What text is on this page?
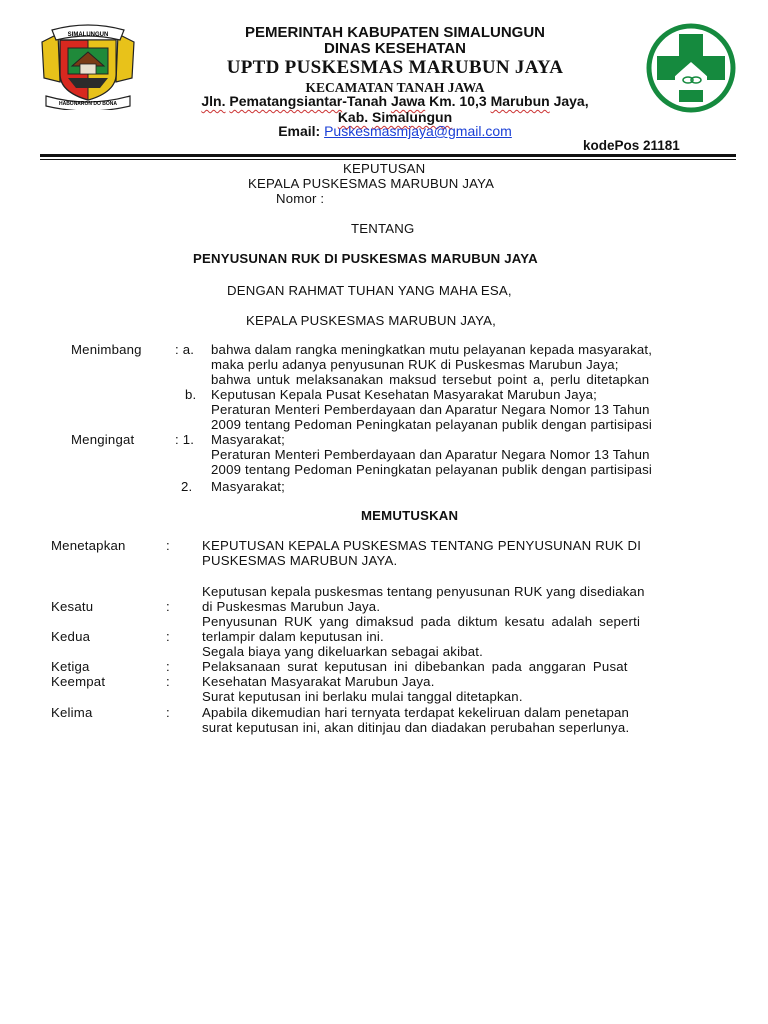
SIMALUNGUN
HABONARON DO BONA
PEMERINTAH KABUPATEN SIMALUNGUN
DINAS KESEHATAN
UPTD PUSKESMAS MARUBUN JAYA
KECAMATAN TANAH JAWA
Jln. Pematangsiantar-Tanah Jawa Km. 10,3 Marubun Jaya,
Kab. Simalungun
Email: Puskesmasmjaya@gmail.com
kodePos 21181
KEPUTUSAN
KEPALA PUSKESMAS MARUBUN JAYA
Nomor :
TENTANG
PENYUSUNAN RUK DI PUSKESMAS MARUBUN JAYA
DENGAN RAHMAT TUHAN YANG MAHA ESA,
KEPALA PUSKESMAS MARUBUN JAYA,
Menimbang	: a.
b.
Mengingat	: 1.
2.
bahwa dalam rangka meningkatkan mutu pelayanan kepada masyarakat,
maka perlu adanya penyusunan RUK di Puskesmas Marubun Jaya;
bahwa untuk melaksanakan maksud tersebut point a, perlu ditetapkan
Keputusan Kepala Pusat Kesehatan Masyarakat Marubun Jaya;
Peraturan Menteri Pemberdayaan dan Aparatur Negara Nomor 13 Tahun
2009 tentang Pedoman Peningkatan pelayanan publik dengan partisipasi
Masyarakat;
Peraturan Menteri Pemberdayaan dan Aparatur Negara Nomor 13 Tahun
2009 tentang Pedoman Peningkatan pelayanan publik dengan partisipasi
Masyarakat;
MEMUTUSKAN
Menetapkan
Kesatu
Kedua
Ketiga
Keempat
Kelima
:
:
:
:
:
:
KEPUTUSAN KEPALA PUSKESMAS TENTANG PENYUSUNAN RUK DI
PUSKESMAS MARUBUN JAYA.
Keputusan kepala puskesmas tentang penyusunan RUK yang disediakan
di Puskesmas Marubun Jaya.
Penyusunan RUK yang dimaksud pada diktum kesatu adalah seperti
terlampir dalam keputusan ini.
Segala biaya yang dikeluarkan sebagai akibat.
Pelaksanaan surat keputusan ini dibebankan pada anggaran Pusat
Kesehatan Masyarakat Marubun Jaya.
Surat keputusan ini berlaku mulai tanggal ditetapkan.
Apabila dikemudian hari ternyata terdapat kekeliruan dalam penetapan
surat keputusan ini, akan ditinjau dan diadakan perubahan seperlunya.
